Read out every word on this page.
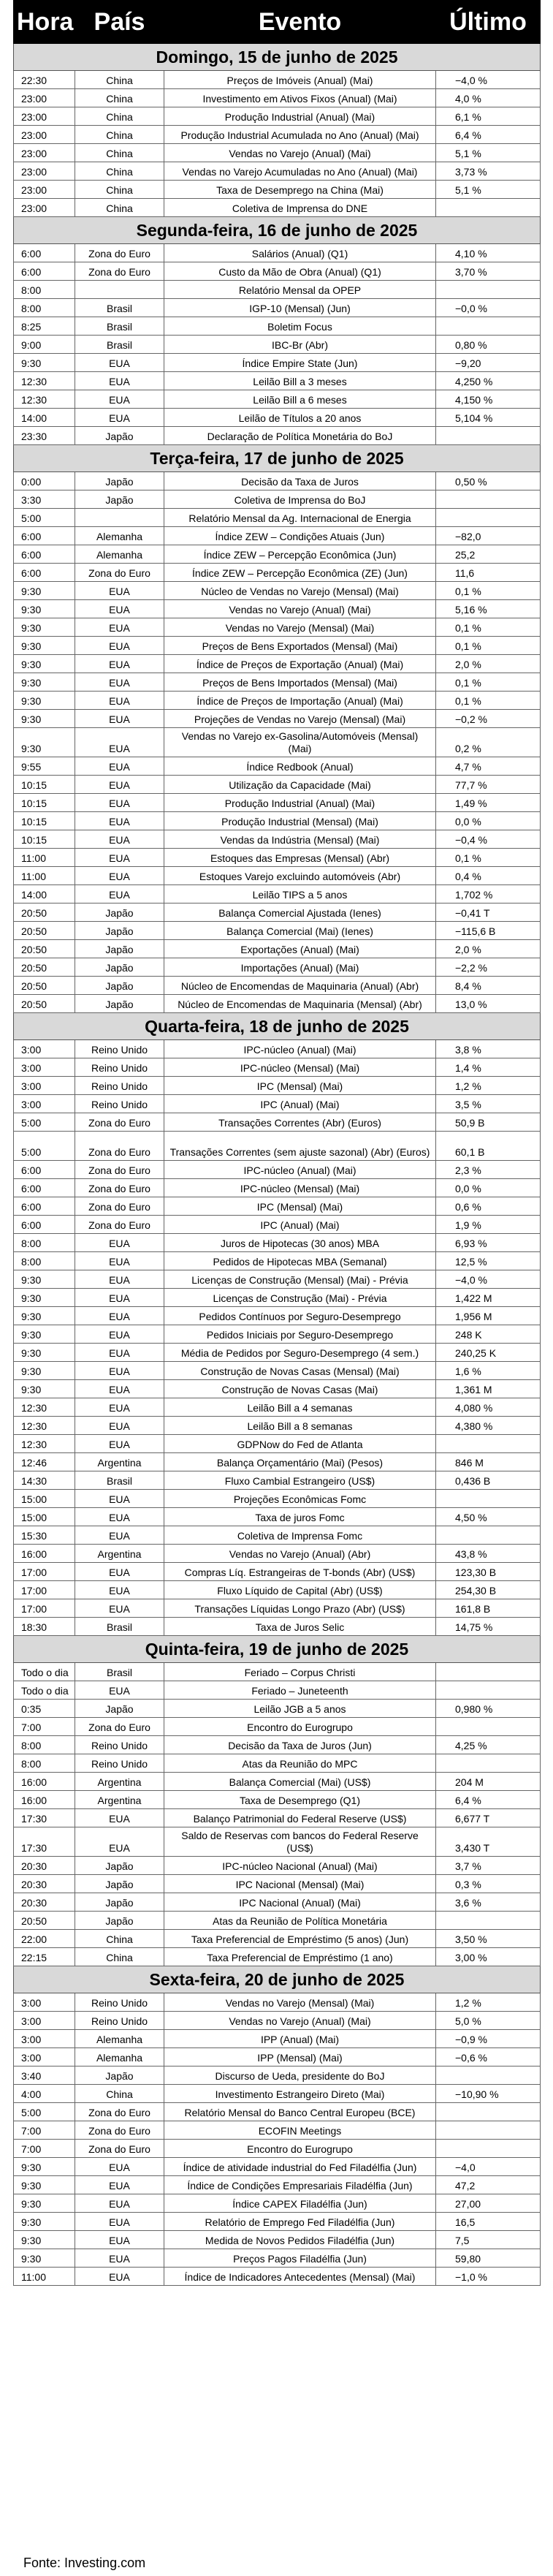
Hora	País	Evento	Último
Domingo, 15 de junho de 2025			
22:30	China	Preços de Imóveis (Anual) (Mai)	−4,0 %
23:00	China	Investimento em Ativos Fixos (Anual) (Mai)	4,0 %
23:00	China	Produção Industrial (Anual) (Mai)	6,1 %
23:00	China	Produção Industrial Acumulada no Ano (Anual) (Mai)	6,4 %
23:00	China	Vendas no Varejo (Anual) (Mai)	5,1 %
23:00	China	Vendas no Varejo Acumuladas no Ano (Anual) (Mai)	3,73 %
23:00	China	Taxa de Desemprego na China (Mai)	5,1 %
23:00	China	Coletiva de Imprensa do DNE	
Segunda-feira, 16 de junho de 2025			
6:00	Zona do Euro	Salários (Anual) (Q1)	4,10 %
6:00	Zona do Euro	Custo da Mão de Obra (Anual) (Q1)	3,70 %
8:00		Relatório Mensal da OPEP	
8:00	Brasil	IGP-10 (Mensal) (Jun)	−0,0 %
8:25	Brasil	Boletim Focus	
9:00	Brasil	IBC-Br (Abr)	0,80 %
9:30	EUA	Índice Empire State (Jun)	−9,20
12:30	EUA	Leilão Bill a 3 meses	4,250 %
12:30	EUA	Leilão Bill a 6 meses	4,150 %
14:00	EUA	Leilão de Títulos a 20 anos	5,104 %
23:30	Japão	Declaração de Política Monetária do BoJ	
Terça-feira, 17 de junho de 2025			
0:00	Japão	Decisão da Taxa de Juros	0,50 %
3:30	Japão	Coletiva de Imprensa do BoJ	
5:00		Relatório Mensal da Ag. Internacional de Energia	
6:00	Alemanha	Índice ZEW – Condições Atuais (Jun)	−82,0
6:00	Alemanha	Índice ZEW – Percepção Econômica (Jun)	25,2
6:00	Zona do Euro	Índice ZEW – Percepção Econômica (ZE) (Jun)	11,6
9:30	EUA	Núcleo de Vendas no Varejo (Mensal) (Mai)	0,1 %
9:30	EUA	Vendas no Varejo (Anual) (Mai)	5,16 %
9:30	EUA	Vendas no Varejo (Mensal) (Mai)	0,1 %
9:30	EUA	Preços de Bens Exportados (Mensal) (Mai)	0,1 %
9:30	EUA	Índice de Preços de Exportação (Anual) (Mai)	2,0 %
9:30	EUA	Preços de Bens Importados (Mensal) (Mai)	0,1 %
9:30	EUA	Índice de Preços de Importação (Anual) (Mai)	0,1 %
9:30	EUA	Projeções de Vendas no Varejo (Mensal) (Mai)	−0,2 %
9:30	EUA	Vendas no Varejo ex-Gasolina/Automóveis (Mensal) (Mai)	0,2 %
9:55	EUA	Índice Redbook (Anual)	4,7 %
10:15	EUA	Utilização da Capacidade (Mai)	77,7 %
10:15	EUA	Produção Industrial (Anual) (Mai)	1,49 %
10:15	EUA	Produção Industrial (Mensal) (Mai)	0,0 %
10:15	EUA	Vendas da Indústria (Mensal) (Mai)	−0,4 %
11:00	EUA	Estoques das Empresas (Mensal) (Abr)	0,1 %
11:00	EUA	Estoques Varejo excluindo automóveis (Abr)	0,4 %
14:00	EUA	Leilão TIPS a 5 anos	1,702 %
20:50	Japão	Balança Comercial Ajustada (Ienes)	−0,41 T
20:50	Japão	Balança Comercial (Mai) (Ienes)	−115,6 B
20:50	Japão	Exportações (Anual) (Mai)	2,0 %
20:50	Japão	Importações (Anual) (Mai)	−2,2 %
20:50	Japão	Núcleo de Encomendas de Maquinaria (Anual) (Abr)	8,4 %
20:50	Japão	Núcleo de Encomendas de Maquinaria (Mensal) (Abr)	13,0 %
Quarta-feira, 18 de junho de 2025			
3:00	Reino Unido	IPC-núcleo (Anual) (Mai)	3,8 %
3:00	Reino Unido	IPC-núcleo (Mensal) (Mai)	1,4 %
3:00	Reino Unido	IPC (Mensal) (Mai)	1,2 %
3:00	Reino Unido	IPC (Anual) (Mai)	3,5 %
5:00	Zona do Euro	Transações Correntes (Abr) (Euros)	50,9 B
5:00	Zona do Euro	Transações Correntes (sem ajuste sazonal) (Abr) (Euros)	60,1 B
6:00	Zona do Euro	IPC-núcleo (Anual) (Mai)	2,3 %
6:00	Zona do Euro	IPC-núcleo (Mensal) (Mai)	0,0 %
6:00	Zona do Euro	IPC (Mensal) (Mai)	0,6 %
6:00	Zona do Euro	IPC (Anual) (Mai)	1,9 %
8:00	EUA	Juros de Hipotecas (30 anos) MBA	6,93 %
8:00	EUA	Pedidos de Hipotecas MBA (Semanal)	12,5 %
9:30	EUA	Licenças de Construção (Mensal) (Mai) - Prévia	−4,0 %
9:30	EUA	Licenças de Construção (Mai) - Prévia	1,422 M
9:30	EUA	Pedidos Contínuos por Seguro-Desemprego	1,956 M
9:30	EUA	Pedidos Iniciais por Seguro-Desemprego	248 K
9:30	EUA	Média de Pedidos por Seguro-Desemprego (4 sem.)	240,25 K
9:30	EUA	Construção de Novas Casas (Mensal) (Mai)	1,6 %
9:30	EUA	Construção de Novas Casas (Mai)	1,361 M
12:30	EUA	Leilão Bill a 4 semanas	4,080 %
12:30	EUA	Leilão Bill a 8 semanas	4,380 %
12:30	EUA	GDPNow do Fed de Atlanta	
12:46	Argentina	Balança Orçamentário (Mai) (Pesos)	846 M
14:30	Brasil	Fluxo Cambial Estrangeiro (US$)	0,436 B
15:00	EUA	Projeções Econômicas Fomc	
15:00	EUA	Taxa de juros Fomc	4,50 %
15:30	EUA	Coletiva de Imprensa Fomc	
16:00	Argentina	Vendas no Varejo (Anual) (Abr)	43,8 %
17:00	EUA	Compras Líq. Estrangeiras de T-bonds (Abr) (US$)	123,30 B
17:00	EUA	Fluxo Líquido de Capital (Abr) (US$)	254,30 B
17:00	EUA	Transações Líquidas Longo Prazo (Abr) (US$)	161,8 B
18:30	Brasil	Taxa de Juros Selic	14,75 %
Quinta-feira, 19 de junho de 2025			
Todo o dia	Brasil	Feriado – Corpus Christi	
Todo o dia	EUA	Feriado – Juneteenth	
0:35	Japão	Leilão JGB a 5 anos	0,980 %
7:00	Zona do Euro	Encontro do Eurogrupo	
8:00	Reino Unido	Decisão da Taxa de Juros (Jun)	4,25 %
8:00	Reino Unido	Atas da Reunião do MPC	
16:00	Argentina	Balança Comercial (Mai) (US$)	204 M
16:00	Argentina	Taxa de Desemprego (Q1)	6,4 %
17:30	EUA	Balanço Patrimonial do Federal Reserve (US$)	6,677 T
17:30	EUA	Saldo de Reservas com bancos do Federal Reserve (US$)	3,430 T
20:30	Japão	IPC-núcleo Nacional (Anual) (Mai)	3,7 %
20:30	Japão	IPC Nacional (Mensal) (Mai)	0,3 %
20:30	Japão	IPC Nacional (Anual) (Mai)	3,6 %
20:50	Japão	Atas da Reunião de Política Monetária	
22:00	China	Taxa Preferencial de Empréstimo (5 anos) (Jun)	3,50 %
22:15	China	Taxa Preferencial de Empréstimo (1 ano)	3,00 %
Sexta-feira, 20 de junho de 2025			
3:00	Reino Unido	Vendas no Varejo (Mensal) (Mai)	1,2 %
3:00	Reino Unido	Vendas no Varejo (Anual) (Mai)	5,0 %
3:00	Alemanha	IPP (Anual) (Mai)	−0,9 %
3:00	Alemanha	IPP (Mensal) (Mai)	−0,6 %
3:40	Japão	Discurso de Ueda, presidente do BoJ	
4:00	China	Investimento Estrangeiro Direto (Mai)	−10,90 %
5:00	Zona do Euro	Relatório Mensal do Banco Central Europeu (BCE)	
7:00	Zona do Euro	ECOFIN Meetings	
7:00	Zona do Euro	Encontro do Eurogrupo	
9:30	EUA	Índice de atividade industrial do Fed Filadélfia (Jun)	−4,0
9:30	EUA	Índice de Condições Empresariais Filadélfia (Jun)	47,2
9:30	EUA	Índice CAPEX Filadélfia (Jun)	27,00
9:30	EUA	Relatório de Emprego Fed Filadélfia (Jun)	16,5
9:30	EUA	Medida de Novos Pedidos Filadélfia (Jun)	7,5
9:30	EUA	Preços Pagos Filadélfia (Jun)	59,80
11:00	EUA	Índice de Indicadores Antecedentes (Mensal) (Mai)	−1,0 %
Fonte: Investing.com
